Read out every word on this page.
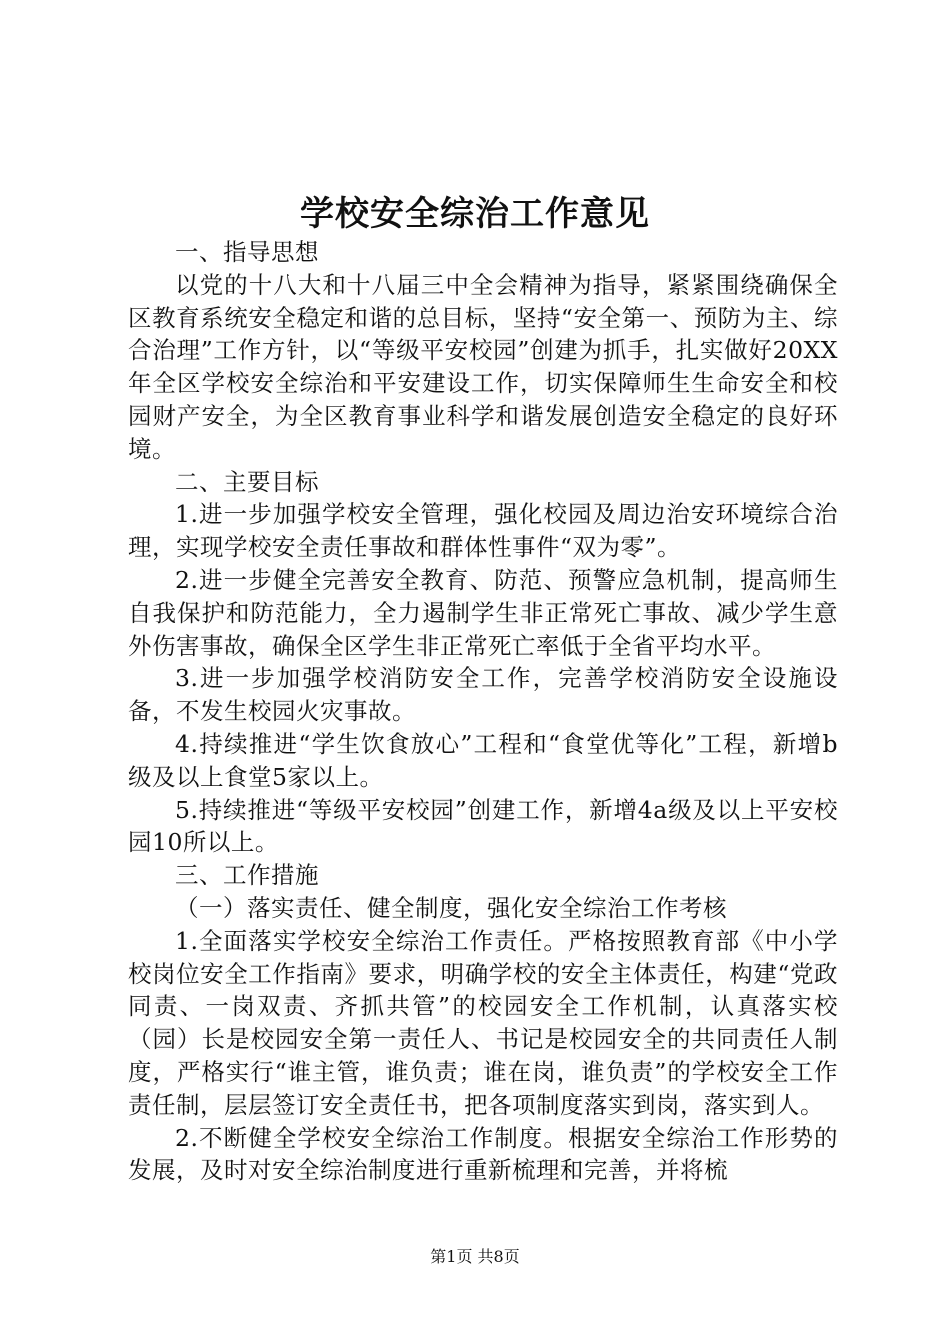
学校安全综治工作意见

一、指导思想

以党的十八大和十八届三中全会精神为指导，紧紧围绕确保全区教育系统安全稳定和谐的总目标，坚持“安全第一、预防为主、综合治理”工作方针，以“等级平安校园”创建为抓手，扎实做好20XX年全区学校安全综治和平安建设工作，切实保障师生生命安全和校园财产安全，为全区教育事业科学和谐发展创造安全稳定的良好环境。

二、主要目标

1.进一步加强学校安全管理，强化校园及周边治安环境综合治理，实现学校安全责任事故和群体性事件“双为零”。

2.进一步健全完善安全教育、防范、预警应急机制，提高师生自我保护和防范能力，全力遏制学生非正常死亡事故、减少学生意外伤害事故，确保全区学生非正常死亡率低于全省平均水平。

3.进一步加强学校消防安全工作，完善学校消防安全设施设备，不发生校园火灾事故。

4.持续推进“学生饮食放心”工程和“食堂优等化”工程，新增b级及以上食堂5家以上。

5.持续推进“等级平安校园”创建工作，新增4a级及以上平安校园10所以上。

三、工作措施

（一）落实责任、健全制度，强化安全综治工作考核

1.全面落实学校安全综治工作责任。严格按照教育部《中小学校岗位安全工作指南》要求，明确学校的安全主体责任，构建“党政同责、一岗双责、齐抓共管”的校园安全工作机制，认真落实校（园）长是校园安全第一责任人、书记是校园安全的共同责任人制度，严格实行“谁主管，谁负责；谁在岗，谁负责”的学校安全工作责任制，层层签订安全责任书，把各项制度落实到岗，落实到人。

2.不断健全学校安全综治工作制度。根据安全综治工作形势的发展，及时对安全综治制度进行重新梳理和完善，并将梳

第1页 共8页
